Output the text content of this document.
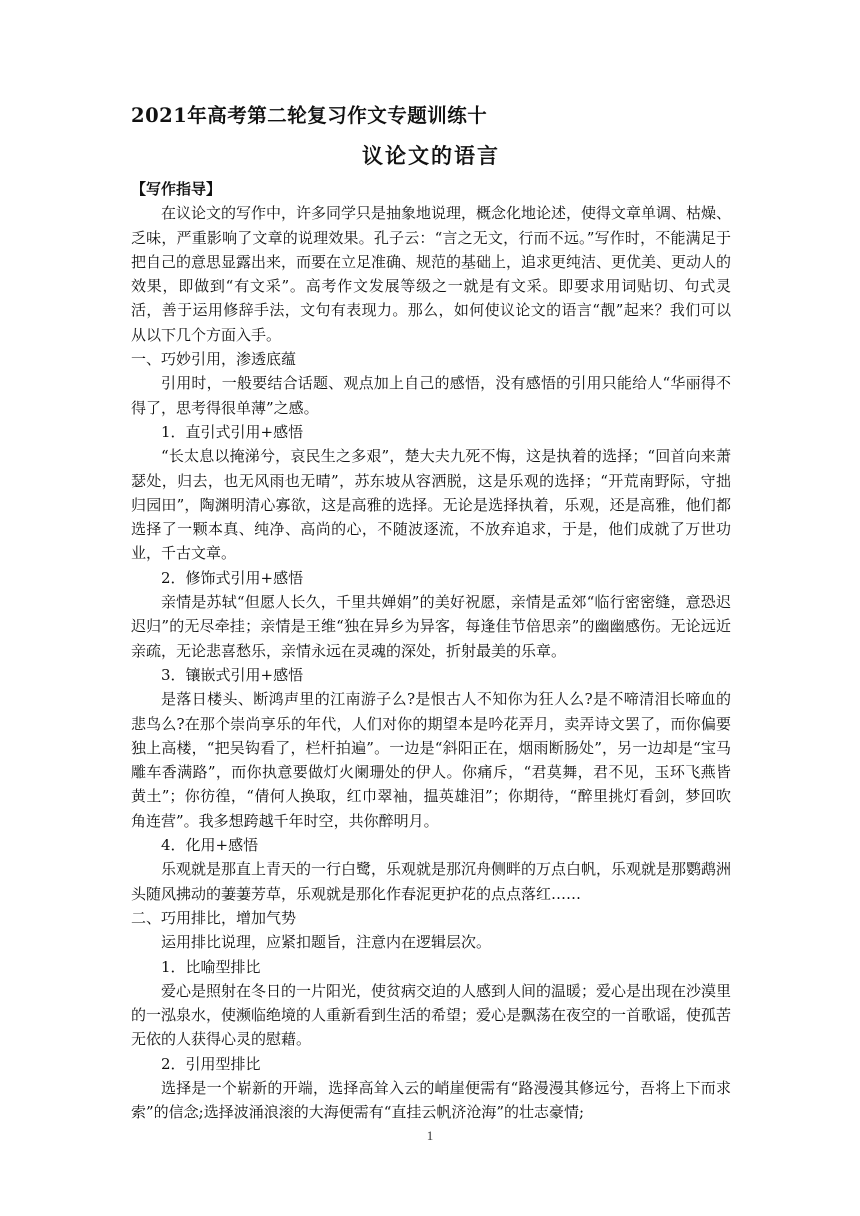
2021年高考第二轮复习作文专题训练十
议论文的语言
【写作指导】

在议论文的写作中，许多同学只是抽象地说理，概念化地论述，使得文章单调、枯燥、乏味，严重影响了文章的说理效果。孔子云：“言之无文，行而不远。”写作时，不能满足于把自己的意思显露出来，而要在立足准确、规范的基础上，追求更纯洁、更优美、更动人的效果，即做到“有文采”。高考作文发展等级之一就是有文采。即要求用词贴切、句式灵活，善于运用修辞手法，文句有表现力。那么，如何使议论文的语言“靓”起来？我们可以从以下几个方面入手。

一、巧妙引用，渗透底蕴

引用时，一般要结合话题、观点加上自己的感悟，没有感悟的引用只能给人“华丽得不得了，思考得很单薄”之感。

1．直引式引用+感悟

“长太息以掩涕兮，哀民生之多艰”，楚大夫九死不悔，这是执着的选择；“回首向来萧瑟处，归去，也无风雨也无晴”，苏东坡从容洒脱，这是乐观的选择；“开荒南野际，守拙归园田”，陶渊明清心寡欲，这是高雅的选择。无论是选择执着，乐观，还是高雅，他们都选择了一颗本真、纯净、高尚的心，不随波逐流，不放弃追求，于是，他们成就了万世功业，千古文章。

2．修饰式引用+感悟

亲情是苏轼“但愿人长久，千里共婵娟”的美好祝愿，亲情是孟郊“临行密密缝，意恐迟迟归”的无尽牵挂；亲情是王维“独在异乡为异客，每逢佳节倍思亲”的幽幽感伤。无论远近亲疏，无论悲喜愁乐，亲情永远在灵魂的深处，折射最美的乐章。

3．镶嵌式引用+感悟

是落日楼头、断鸿声里的江南游子么?是恨古人不知你为狂人么?是不啼清泪长啼血的悲鸟么?在那个崇尚享乐的年代，人们对你的期望本是吟花弄月，卖弄诗文罢了，而你偏要独上高楼，“把吴钩看了，栏杆拍遍”。一边是“斜阳正在，烟雨断肠处”，另一边却是“宝马雕车香满路”，而你执意要做灯火阑珊处的伊人。你痛斥，“君莫舞，君不见，玉环飞燕皆黄土”；你彷徨，“倩何人换取，红巾翠袖，揾英雄泪”；你期待，“醉里挑灯看剑，梦回吹角连营”。我多想跨越千年时空，共你醉明月。

4．化用+感悟

乐观就是那直上青天的一行白鹭，乐观就是那沉舟侧畔的万点白帆，乐观就是那鹦鹉洲头随风拂动的萋萋芳草，乐观就是那化作春泥更护花的点点落红……

二、巧用排比，增加气势

运用排比说理，应紧扣题旨，注意内在逻辑层次。

1．比喻型排比

爱心是照射在冬日的一片阳光，使贫病交迫的人感到人间的温暖；爱心是出现在沙漠里的一泓泉水，使濒临绝境的人重新看到生活的希望；爱心是飘荡在夜空的一首歌谣，使孤苦无依的人获得心灵的慰藉。

2．引用型排比

选择是一个崭新的开端，选择高耸入云的峭崖便需有“路漫漫其修远兮，吾将上下而求索”的信念;选择波涌浪滚的大海便需有“直挂云帆济沧海”的壮志豪情;

1
